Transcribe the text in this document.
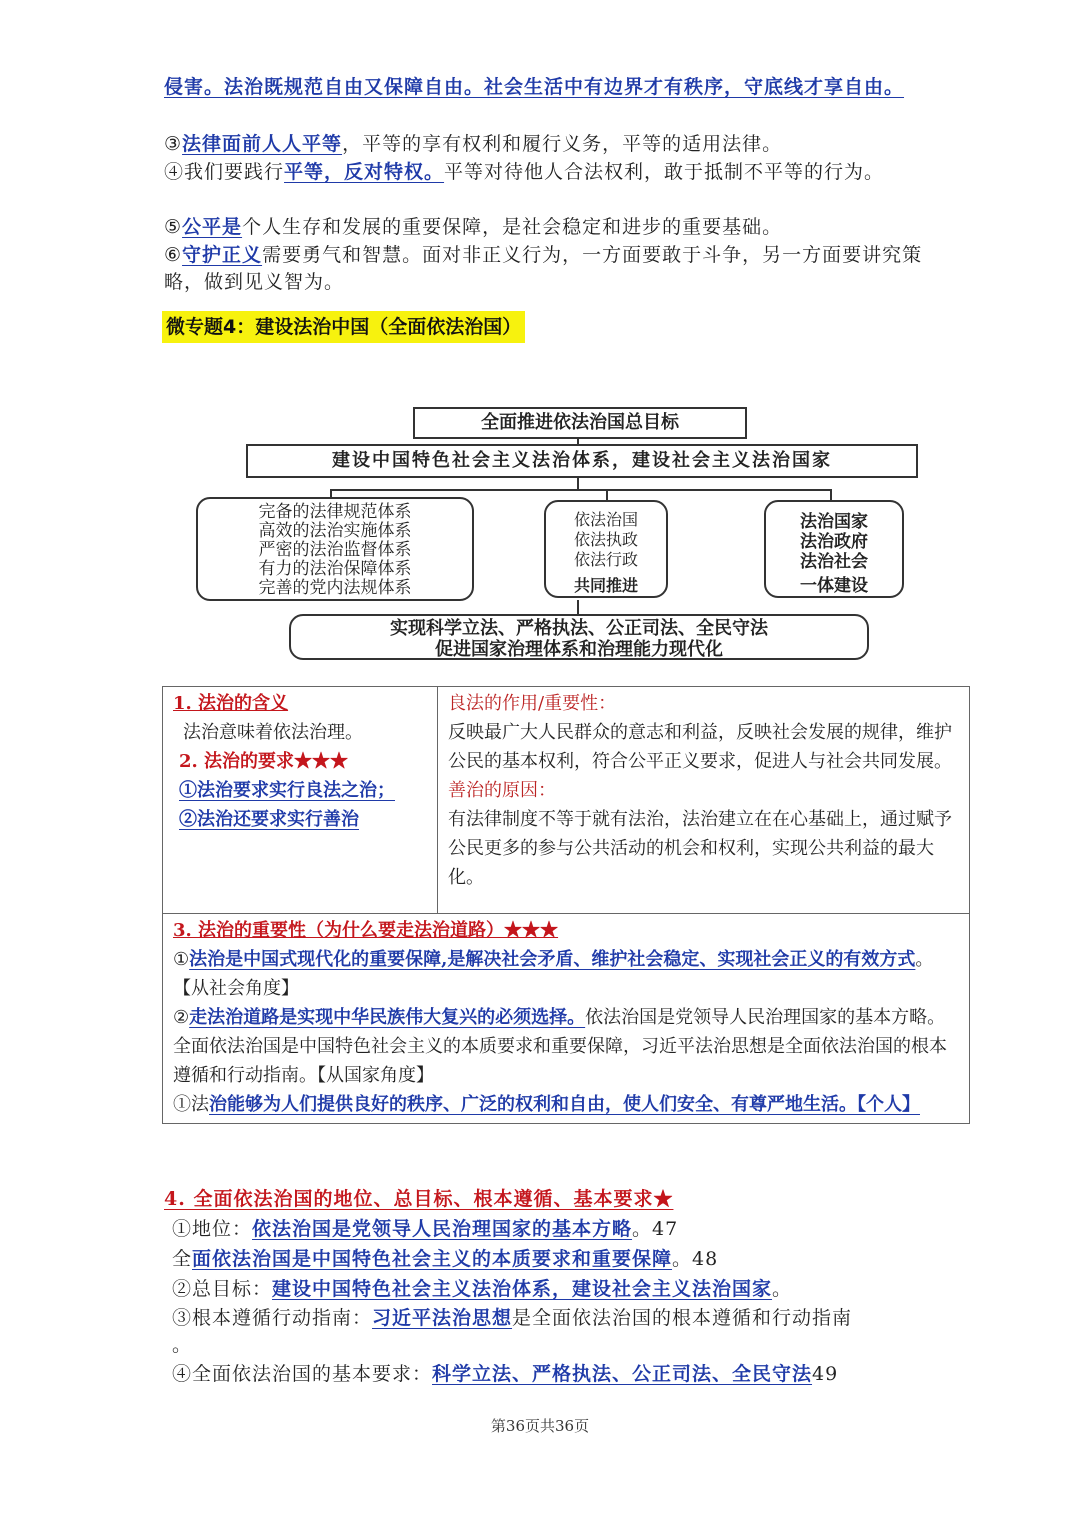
侵害。法治既规范自由又保障自由。社会生活中有边界才有秩序，守底线才享自由。

③法律面前人人平等，平等的享有权利和履行义务，平等的适用法律。

④我们要践行平等，反对特权。平等对待他人合法权利，敢于抵制不平等的行为。

⑤公平是个人生存和发展的重要保障，是社会稳定和进步的重要基础。

⑥守护正义需要勇气和智慧。面对非正义行为，一方面要敢于斗争，另一方面要讲究策略，做到见义智为。

微专题4：建设法治中国（全面依法治国）
全面推进依法治国总目标
建设中国特色社会主义法治体系，建设社会主义法治国家
完备的法律规范体系
高效的法治实施体系
严密的法治监督体系
有力的法治保障体系
完善的党内法规体系
依法治国
依法执政
依法行政
共同推进
法治国家
法治政府
法治社会
一体建设
实现科学立法、严格执法、公正司法、全民守法
促进国家治理体系和治理能力现代化
1. 法治的含义
法治意味着依法治理。
2. 法治的要求★★★
①法治要求实行良法之治；
②法治还要求实行善治

良法的作用/重要性：
反映最广大人民群众的意志和利益，反映社会发展的规律，维护公民的基本权利，符合公平正义要求，促进人与社会共同发展。
善治的原因：
有法律制度不等于就有法治，法治建立在在心基础上，通过赋予公民更多的参与公共活动的机会和权利，实现公共利益的最大化。

3. 法治的重要性（为什么要走法治道路）★★★
①法治是中国式现代化的重要保障,是解决社会矛盾、维护社会稳定、实现社会正义的有效方式。【从社会角度】
②走法治道路是实现中华民族伟大复兴的必须选择。依法治国是党领导人民治理国家的基本方略。全面依法治国是中国特色社会主义的本质要求和重要保障，习近平法治思想是全面依法治国的根本遵循和行动指南。【从国家角度】
①法治能够为人们提供良好的秩序、广泛的权利和自由，使人们安全、有尊严地生活。【个人】
4. 全面依法治国的地位、总目标、根本遵循、基本要求★

①地位：依法治国是党领导人民治理国家的基本方略。47

全面依法治国是中国特色社会主义的本质要求和重要保障。48

②总目标：建设中国特色社会主义法治体系，建设社会主义法治国家。

③根本遵循行动指南：习近平法治思想是全面依法治国的根本遵循和行动指南
。

④全面依法治国的基本要求：科学立法、严格执法、公正司法、全民守法49

第36页共36页
